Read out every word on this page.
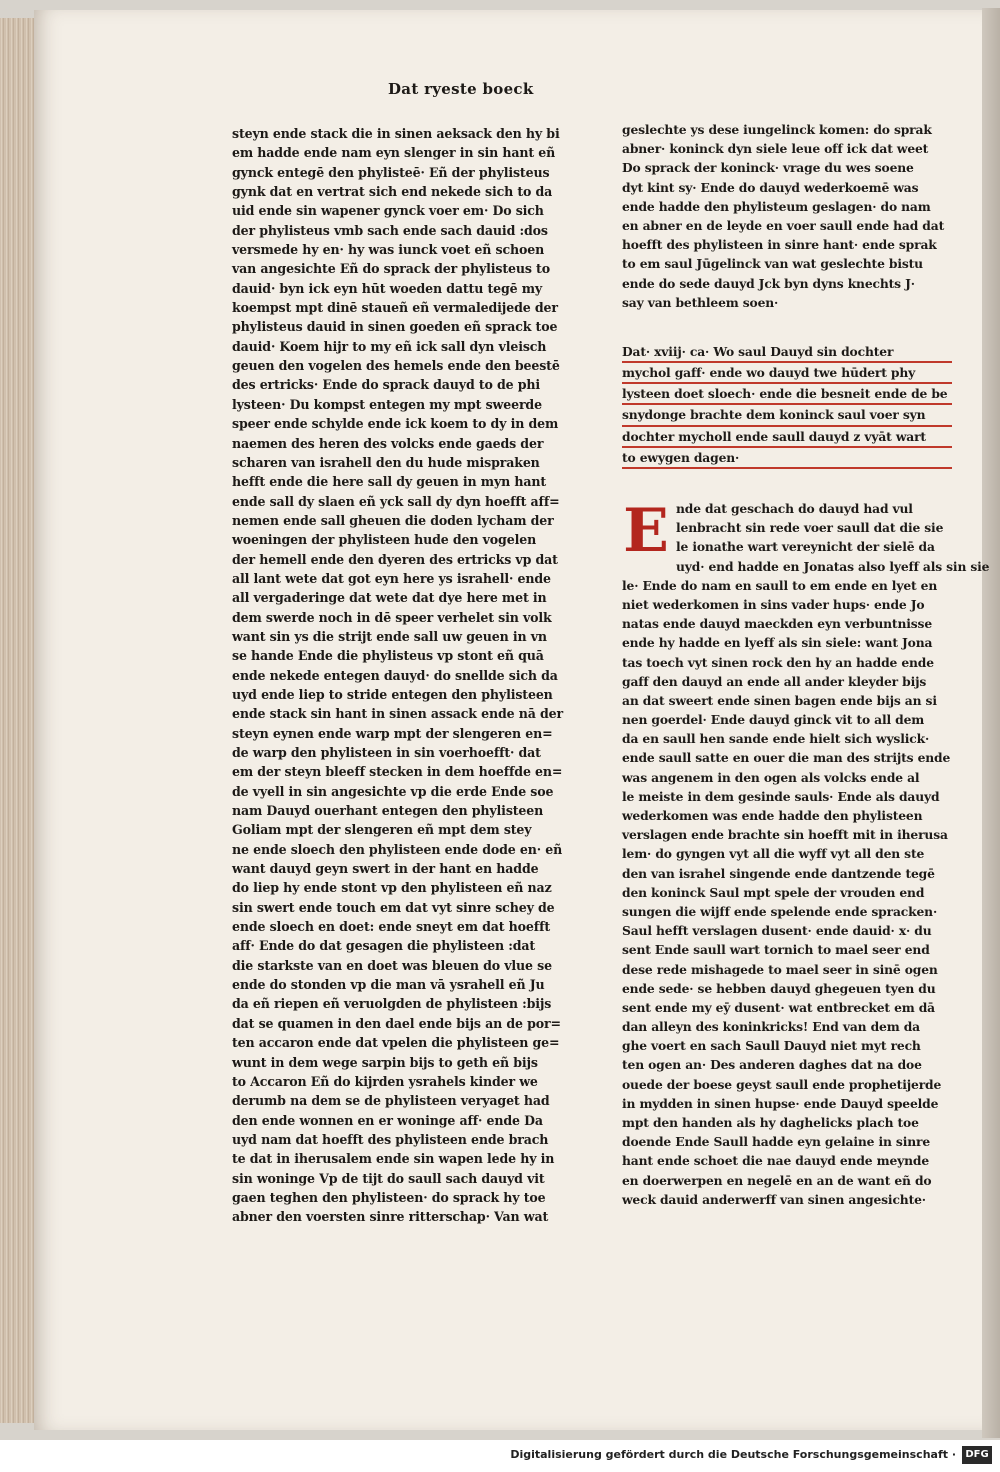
Dat ryeste boeck
steyn ende stack die in sinen aeksack den hy bi
em hadde ende nam eyn slenger in sin hant eñ
gynck entegē den phylisteē· Eñ der phylisteus
gynk dat en vertrat sich end nekede sich to da
uid ende sin wapener gynck voer em· Do sich
der phylisteus vmb sach ende sach dauid :dos
versmede hy en· hy was iunck voet eñ schoen
van angesichte Eñ do sprack der phylisteus to
dauid· byn ick eyn hūt woeden dattu tegē my
koempst mpt dinē staueñ eñ vermaledijede der
phylisteus dauid in sinen goeden eñ sprack toe
dauid· Koem hijr to my eñ ick sall dyn vleisch
geuen den vogelen des hemels ende den beestē
des ertricks· Ende do sprack dauyd to de phi
lysteen· Du kompst entegen my mpt sweerde
speer ende schylde ende ick koem to dy in dem
naemen des heren des volcks ende gaeds der
scharen van israhell den du hude mispraken
hefft ende die here sall dy geuen in myn hant
ende sall dy slaen eñ yck sall dy dyn hoefft aff=
nemen ende sall gheuen die doden lycham der
woeningen der phylisteen hude den vogelen
der hemell ende den dyeren des ertricks vp dat
all lant wete dat got eyn here ys israhell· ende
all vergaderinge dat wete dat dye here met in
dem swerde noch in dē speer verhelet sin volk
want sin ys die strijt ende sall uw geuen in vn
se hande Ende die phylisteus vp stont eñ quā
ende nekede entegen dauyd· do snellde sich da
uyd ende liep to stride entegen den phylisteen
ende stack sin hant in sinen assack ende nā der
steyn eynen ende warp mpt der slengeren en=
de warp den phylisteen in sin voerhoefft· dat
em der steyn bleeff stecken in dem hoeffde en=
de vyell in sin angesichte vp die erde Ende soe
nam Dauyd ouerhant entegen den phylisteen
Goliam mpt der slengeren eñ mpt dem stey
ne ende sloech den phylisteen ende dode en· eñ
want dauyd geyn swert in der hant en hadde
do liep hy ende stont vp den phylisteen eñ naz
sin swert ende touch em dat vyt sinre schey de
ende sloech en doet: ende sneyt em dat hoefft
aff· Ende do dat gesagen die phylisteen :dat
die starkste van en doet was bleuen do vlue se
ende do stonden vp die man vā ysrahell eñ Ju
da eñ riepen eñ veruolgden de phylisteen :bijs
dat se quamen in den dael ende bijs an de por=
ten accaron ende dat vpelen die phylisteen ge=
wunt in dem wege sarpin bijs to geth eñ bijs
to Accaron Eñ do kijrden ysrahels kinder we
derumb na dem se de phylisteen veryaget had
den ende wonnen en er woninge aff· ende Da
uyd nam dat hoefft des phylisteen ende brach
te dat in iherusalem ende sin wapen lede hy in
sin woninge Vp de tijt do saull sach dauyd vit
gaen teghen den phylisteen· do sprack hy toe
abner den voersten sinre ritterschap· Van wat
geslechte ys dese iungelinck komen: do sprak
abner· koninck dyn siele leue off ick dat weet
Do sprack der koninck· vrage du wes soene
dyt kint sy· Ende do dauyd wederkoemē was
ende hadde den phylisteum geslagen· do nam
en abner en de leyde en voer saull ende had dat
hoefft des phylisteen in sinre hant· ende sprak
to em saul Jūgelinck van wat geslechte bistu
ende do sede dauyd Jck byn dyns knechts J·
say van bethleem soen·
Dat· xviij· ca· Wo saul Dauyd sin dochter
mychol gaff· ende wo dauyd twe hūdert phy
lysteen doet sloech· ende die besneit ende de be
snydonge brachte dem koninck saul voer syn
dochter mycholl ende saull dauyd z vyāt wart
to ewygen dagen·
E nde dat geschach do dauyd had vul
lenbracht sin rede voer saull dat die sie
le ionathe wart vereynicht der sielē da
uyd· end hadde en Jonatas also lyeff als sin sie
le· Ende do nam en saull to em ende en lyet en
niet wederkomen in sins vader hups· ende Jo
natas ende dauyd maeckden eyn verbuntnisse
ende hy hadde en lyeff als sin siele: want Jona
tas toech vyt sinen rock den hy an hadde ende
gaff den dauyd an ende all ander kleyder bijs
an dat sweert ende sinen bagen ende bijs an si
nen goerdel· Ende dauyd ginck vit to all dem
da en saull hen sande ende hielt sich wyslick·
ende saull satte en ouer die man des strijts ende
was angenem in den ogen als volcks ende al
le meiste in dem gesinde sauls· Ende als dauyd
wederkomen was ende hadde den phylisteen
verslagen ende brachte sin hoefft mit in iherusa
lem· do gyngen vyt all die wyff vyt all den ste
den van israhel singende ende dantzende tegē
den koninck Saul mpt spele der vrouden end
sungen die wijff ende spelende ende spracken·
Saul hefft verslagen dusent· ende dauid· x· du
sent Ende saull wart tornich to mael seer end
dese rede mishagede to mael seer in sinē ogen
ende sede· se hebben dauyd ghegeuen tyen du
sent ende my eȳ dusent· wat entbrecket em dā
dan alleyn des koninkricks! End van dem da
ghe voert en sach Saull Dauyd niet myt rech
ten ogen an· Des anderen daghes dat na doe
ouede der boese geyst saull ende prophetijerde
in mydden in sinen hupse· ende Dauyd speelde
mpt den handen als hy daghelicks plach toe
doende Ende Saull hadde eyn gelaine in sinre
hant ende schoet die nae dauyd ende meynde
en doerwerpen en negelē en an de want eñ do
weck dauid anderwerff van sinen angesichte·
Digitalisierung gefördert durch die Deutsche Forschungsgemeinschaft · DFG
